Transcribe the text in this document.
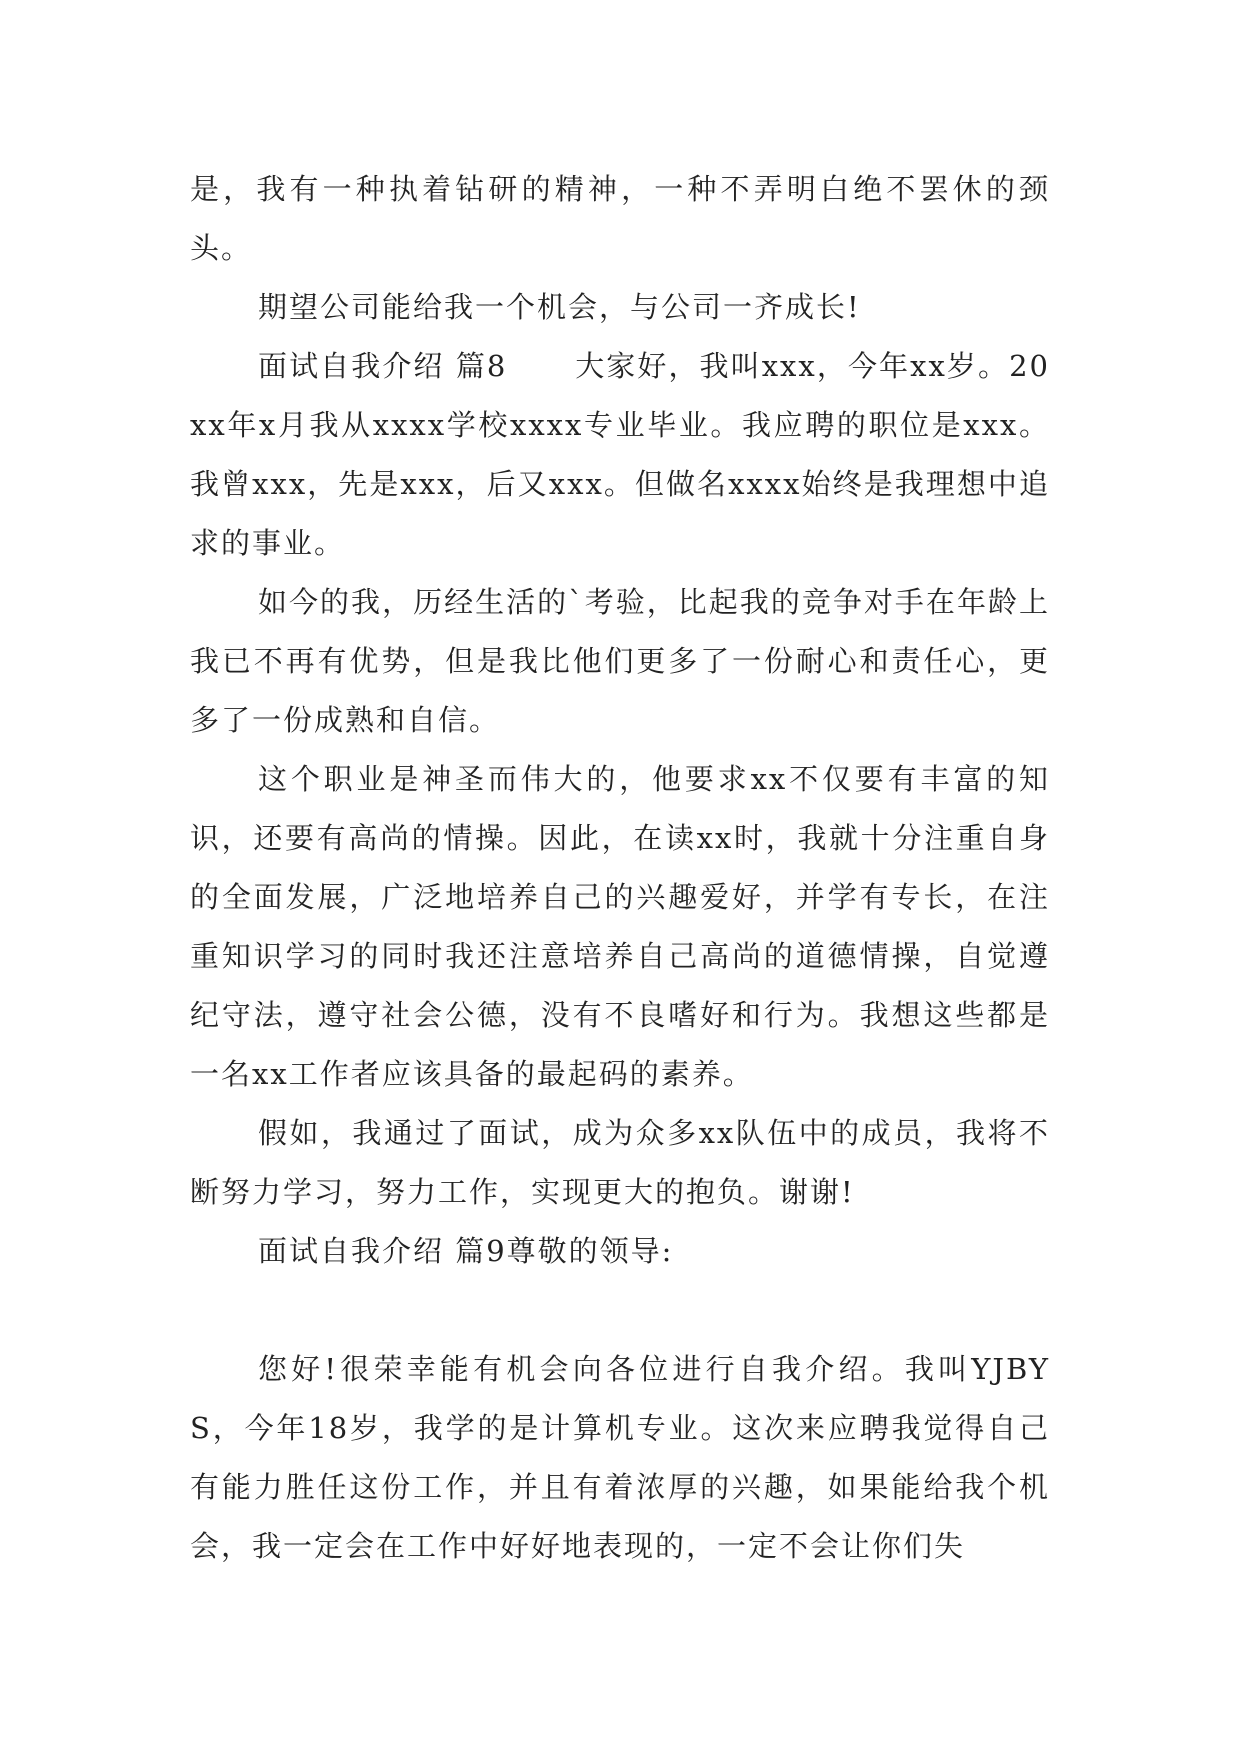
是，我有一种执着钻研的精神，一种不弄明白绝不罢休的颈头。

期望公司能给我一个机会，与公司一齐成长!

面试自我介绍 篇8 大家好，我叫xxx，今年xx岁。20xx年x月我从xxxx学校xxxx专业毕业。我应聘的职位是xxx。我曾xxx，先是xxx，后又xxx。但做名xxxx始终是我理想中追求的事业。

如今的我，历经生活的`考验，比起我的竞争对手在年龄上我已不再有优势，但是我比他们更多了一份耐心和责任心，更多了一份成熟和自信。

这个职业是神圣而伟大的，他要求xx不仅要有丰富的知识，还要有高尚的情操。因此，在读xx时，我就十分注重自身的全面发展，广泛地培养自己的兴趣爱好，并学有专长，在注重知识学习的同时我还注意培养自己高尚的道德情操，自觉遵纪守法，遵守社会公德，没有不良嗜好和行为。我想这些都是一名xx工作者应该具备的最起码的素养。

假如，我通过了面试，成为众多xx队伍中的成员，我将不断努力学习，努力工作，实现更大的抱负。谢谢!

面试自我介绍 篇9尊敬的领导:

您好!很荣幸能有机会向各位进行自我介绍。我叫YJBYS，今年18岁，我学的是计算机专业。这次来应聘我觉得自己有能力胜任这份工作，并且有着浓厚的兴趣，如果能给我个机会，我一定会在工作中好好地表现的，一定不会让你们失
